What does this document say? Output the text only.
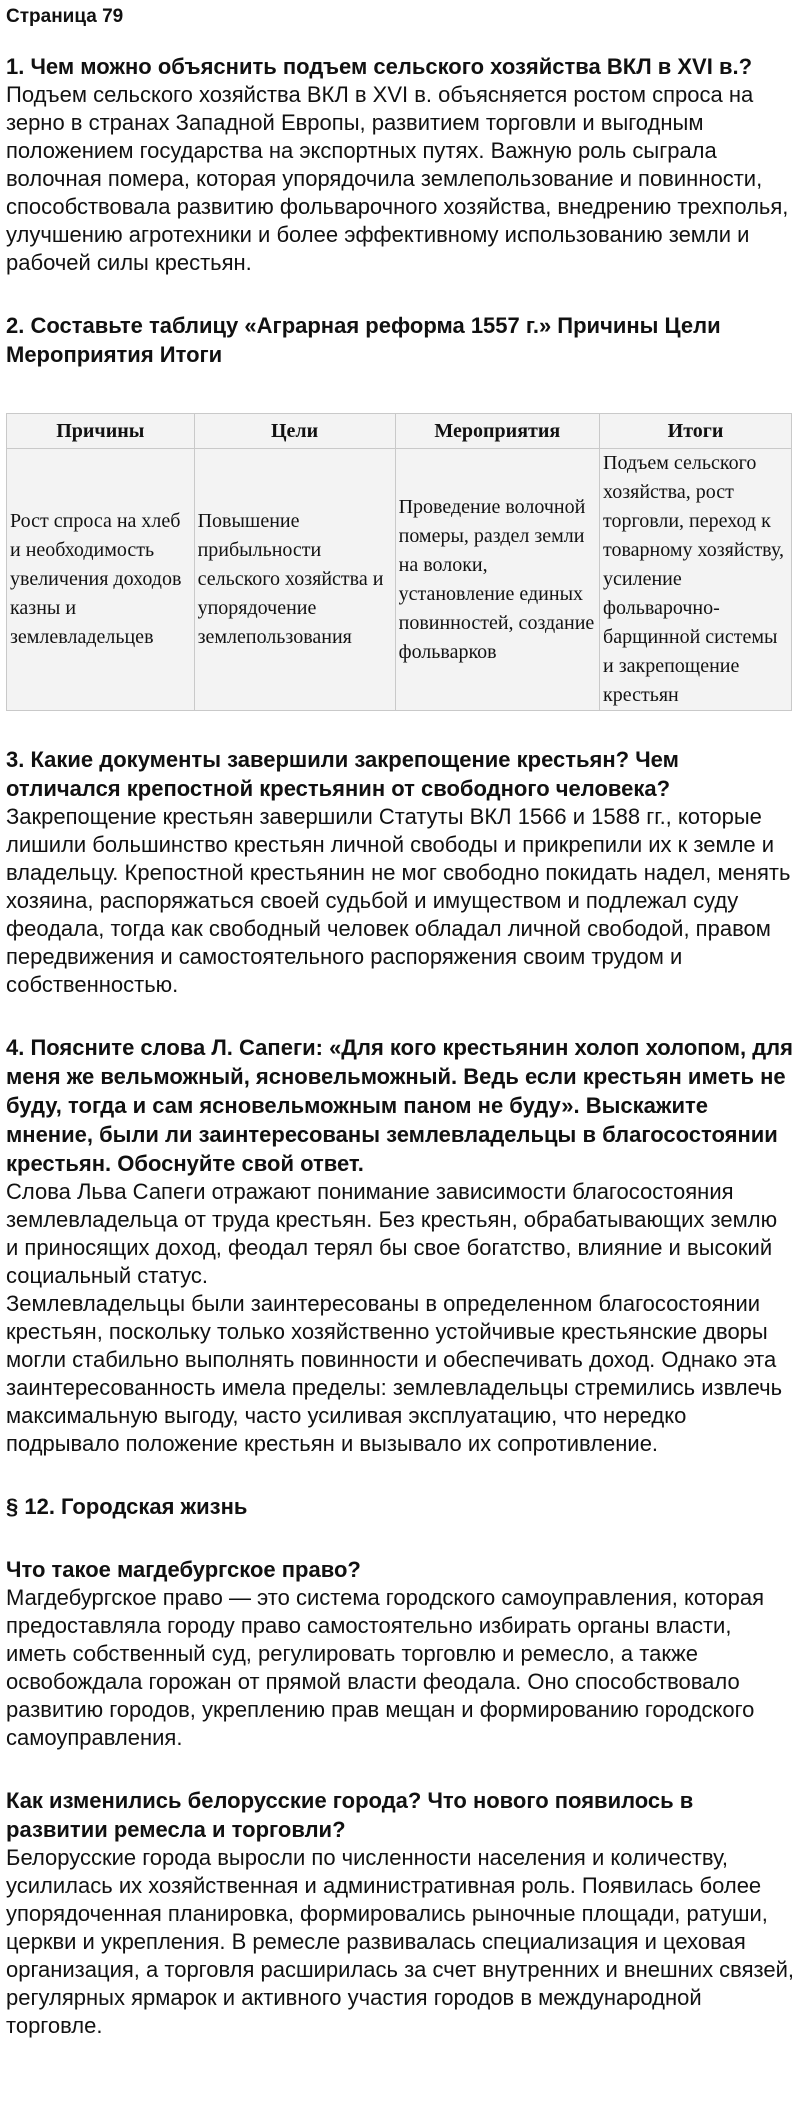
Страница 79
1. Чем можно объяснить подъем сельского хозяйства ВКЛ в XVI в.?
Подъем сельского хозяйства ВКЛ в XVI в. объясняется ростом спроса на зерно в странах Западной Европы, развитием торговли и выгодным положением государства на экспортных путях. Важную роль сыграла волочная помера, которая упорядочила землепользование и повинности, способствовала развитию фольварочного хозяйства, внедрению трехполья, улучшению агротехники и более эффективному использованию земли и рабочей силы крестьян.
2. Составьте таблицу «Аграрная реформа 1557 г.» Причины Цели Мероприятия Итоги
Причины	Цели	Мероприятия	Итоги
Рост спроса на хлеб и необходимость увеличения доходов казны и землевладельцев	Повышение прибыльности сельского хозяйства и упорядочение землепользования	Проведение волочной померы, раздел земли на волоки, установление единых повинностей, создание фольварков	Подъем сельского хозяйства, рост торговли, переход к товарному хозяйству, усиление фольварочно-барщинной системы и закрепощение крестьян
3. Какие документы завершили закрепощение крестьян? Чем отличался крепостной крестьянин от свободного человека?
Закрепощение крестьян завершили Статуты ВКЛ 1566 и 1588 гг., которые лишили большинство крестьян личной свободы и прикрепили их к земле и владельцу. Крепостной крестьянин не мог свободно покидать надел, менять хозяина, распоряжаться своей судьбой и имуществом и подлежал суду феодала, тогда как свободный человек обладал личной свободой, правом передвижения и самостоятельного распоряжения своим трудом и собственностью.
4. Поясните слова Л. Сапеги: «Для кого крестьянин холоп холопом, для меня же вельможный, ясновельможный. Ведь если крестьян иметь не буду, тогда и сам ясновельможным паном не буду». Выскажите мнение, были ли заинтересованы землевладельцы в благосостоянии крестьян. Обоснуйте свой ответ.
Слова Льва Сапеги отражают понимание зависимости благосостояния землевладельца от труда крестьян. Без крестьян, обрабатывающих землю и приносящих доход, феодал терял бы свое богатство, влияние и высокий социальный статус.
Землевладельцы были заинтересованы в определенном благосостоянии крестьян, поскольку только хозяйственно устойчивые крестьянские дворы могли стабильно выполнять повинности и обеспечивать доход. Однако эта заинтересованность имела пределы: землевладельцы стремились извлечь максимальную выгоду, часто усиливая эксплуатацию, что нередко подрывало положение крестьян и вызывало их сопротивление.
§ 12. Городская жизнь
Что такое магдебургское право?
Магдебургское право — это система городского самоуправления, которая предоставляла городу право самостоятельно избирать органы власти, иметь собственный суд, регулировать торговлю и ремесло, а также освобождала горожан от прямой власти феодала. Оно способствовало развитию городов, укреплению прав мещан и формированию городского самоуправления.
Как изменились белорусские города? Что нового появилось в развитии ремесла и торговли?
Белорусские города выросли по численности населения и количеству, усилилась их хозяйственная и административная роль. Появилась более упорядоченная планировка, формировались рыночные площади, ратуши, церкви и укрепления. В ремесле развивалась специализация и цеховая организация, а торговля расширилась за счет внутренних и внешних связей, регулярных ярмарок и активного участия городов в международной торговле.
